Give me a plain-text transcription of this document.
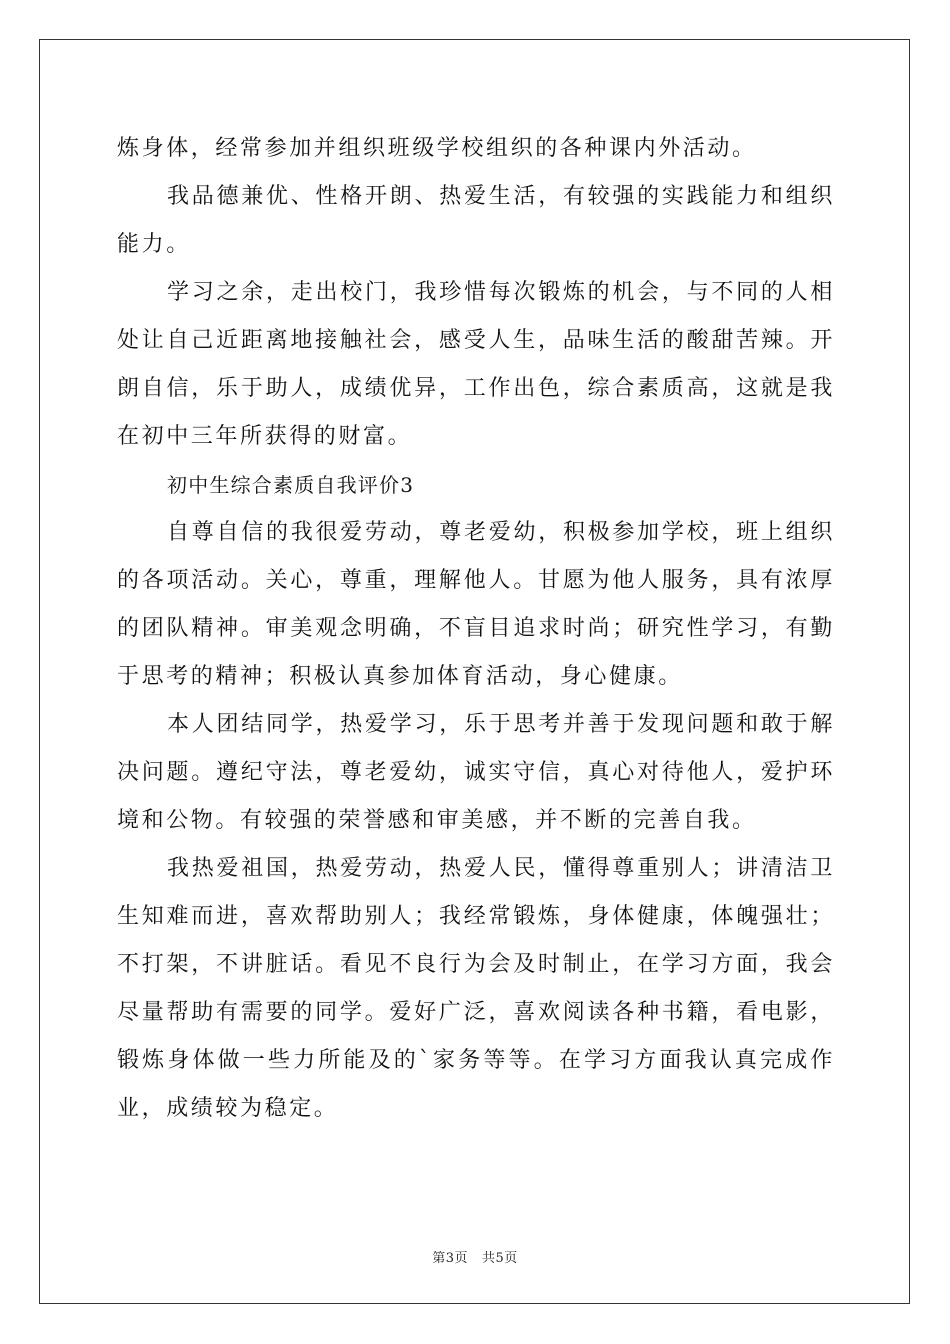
炼身体，经常参加并组织班级学校组织的各种课内外活动。

我品德兼优、性格开朗、热爱生活，有较强的实践能力和组织能力。

学习之余，走出校门，我珍惜每次锻炼的机会，与不同的人相处让自己近距离地接触社会，感受人生，品味生活的酸甜苦辣。开朗自信，乐于助人，成绩优异，工作出色，综合素质高，这就是我在初中三年所获得的财富。

初中生综合素质自我评价3

自尊自信的我很爱劳动，尊老爱幼，积极参加学校，班上组织的各项活动。关心，尊重，理解他人。甘愿为他人服务，具有浓厚的团队精神。审美观念明确，不盲目追求时尚；研究性学习，有勤于思考的精神；积极认真参加体育活动，身心健康。

本人团结同学，热爱学习，乐于思考并善于发现问题和敢于解决问题。遵纪守法，尊老爱幼，诚实守信，真心对待他人，爱护环境和公物。有较强的荣誉感和审美感，并不断的完善自我。

我热爱祖国，热爱劳动，热爱人民，懂得尊重别人；讲清洁卫生知难而进，喜欢帮助别人；我经常锻炼，身体健康，体魄强壮；不打架，不讲脏话。看见不良行为会及时制止，在学习方面，我会尽量帮助有需要的同学。爱好广泛，喜欢阅读各种书籍，看电影，锻炼身体做一些力所能及的`家务等等。在学习方面我认真完成作业，成绩较为稳定。

第3页 共5页
